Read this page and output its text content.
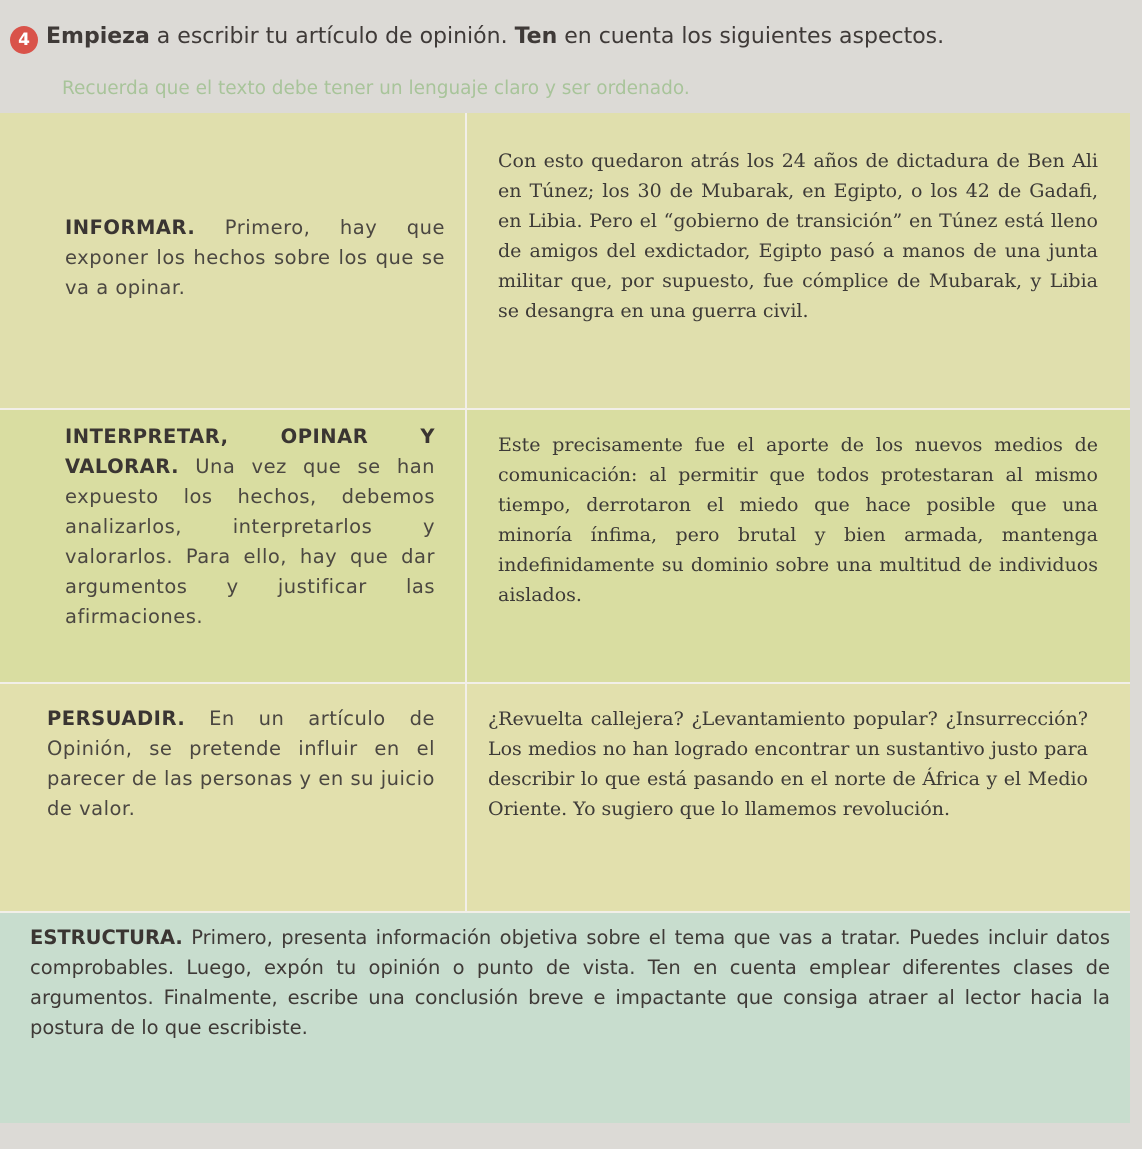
4 Empieza a escribir tu artículo de opinión. Ten en cuenta los siguientes aspectos.
Recuerda que el texto debe tener un lenguaje claro y ser ordenado.
INFORMAR. Primero, hay que exponer los hechos sobre los que se va a opinar.
Con esto quedaron atrás los 24 años de dictadura de Ben Ali en Túnez; los 30 de Mubarak, en Egipto, o los 42 de Gadafi, en Libia. Pero el “gobierno de transición” en Túnez está lleno de amigos del exdictador, Egipto pasó a manos de una junta militar que, por supuesto, fue cómplice de Mubarak, y Libia se desangra en una guerra civil.
INTERPRETAR, OPINAR Y VALORAR. Una vez que se han expuesto los hechos, debemos analizarlos, interpretarlos y valorarlos. Para ello, hay que dar argumentos y justificar las afirmaciones.
Este precisamente fue el aporte de los nuevos medios de comunicación: al permitir que todos protestaran al mismo tiempo, derrotaron el miedo que hace posible que una minoría ínfima, pero brutal y bien armada, mantenga indefinidamente su dominio sobre una multitud de individuos aislados.
PERSUADIR. En un artículo de Opinión, se pretende influir en el parecer de las personas y en su juicio de valor.
¿Revuelta callejera? ¿Levantamiento popular? ¿Insurrección? Los medios no han logrado encontrar un sustantivo justo para describir lo que está pasando en el norte de África y el Medio Oriente. Yo sugiero que lo llamemos revolución.
ESTRUCTURA. Primero, presenta información objetiva sobre el tema que vas a tratar. Puedes incluir datos comprobables. Luego, expón tu opinión o punto de vista. Ten en cuenta emplear diferentes clases de argumentos. Finalmente, escribe una conclusión breve e impactante que consiga atraer al lector hacia la postura de lo que escribiste.
